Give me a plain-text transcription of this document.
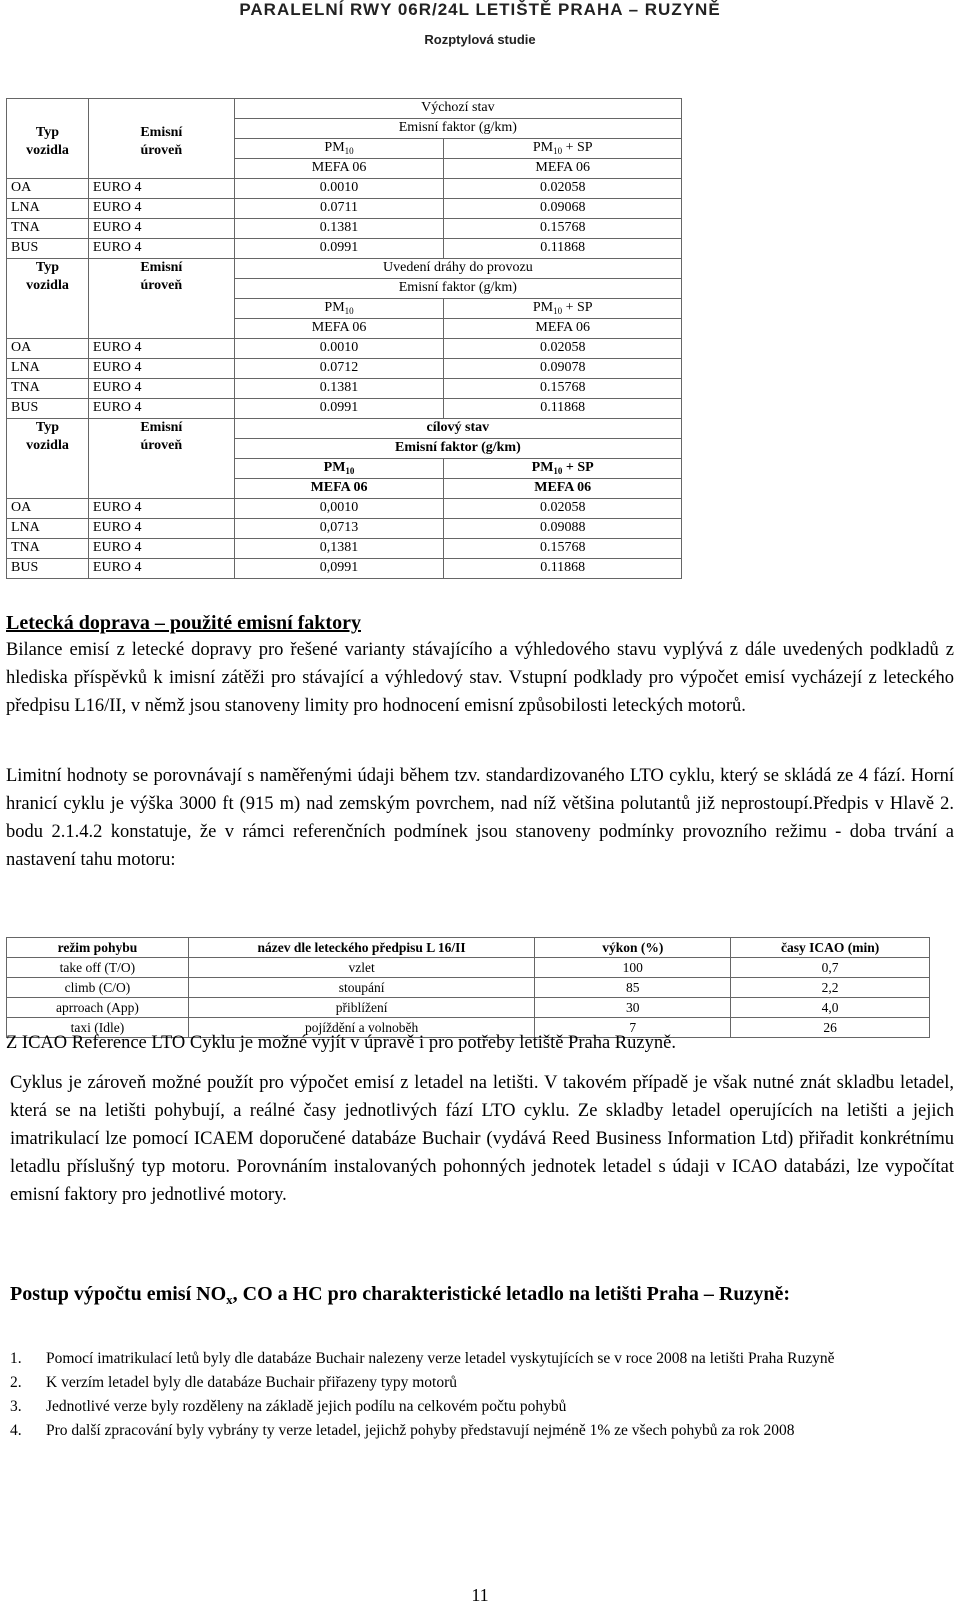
PARALELNÍ RWY 06R/24L LETIŠTĚ PRAHA – RUZYNĚ
Rozptylová studie
Typ
vozidla	Emisní
úroveň	Výchozí stav	
		Emisní faktor (g/km)	
		$PM_{10}$	$PM_{10}$ + SP
		MEFA 06	MEFA 06
OA	EURO 4	0.0010	0.02058
LNA	EURO 4	0.0711	0.09068
TNA	EURO 4	0.1381	0.15768
BUS	EURO 4	0.0991	0.11868
Typ
vozidla	Emisní
úroveň	Uvedení dráhy do provozu	
		Emisní faktor (g/km)	
		$PM_{10}$	$PM_{10}$ + SP
		MEFA 06	MEFA 06
OA	EURO 4	0.0010	0.02058
LNA	EURO 4	0.0712	0.09078
TNA	EURO 4	0.1381	0.15768
BUS	EURO 4	0.0991	0.11868
Typ
vozidla	Emisní
úroveň	cílový stav	
		Emisní faktor (g/km)	
		$PM_{10}$	$PM_{10}$ + SP
		MEFA 06	MEFA 06
OA	EURO 4	0,0010	0.02058
LNA	EURO 4	0,0713	0.09088
TNA	EURO 4	0,1381	0.15768
BUS	EURO 4	0,0991	0.11868
Letecká doprava – použité emisní faktory

Bilance emisí z letecké dopravy pro řešené varianty stávajícího a výhledového stavu vyplývá z dále uvedených podkladů z hlediska příspěvků k imisní zátěži pro stávající a výhledový stav. Vstupní podklady pro výpočet emisí vycházejí z leteckého předpisu L16/II, v němž jsou stanoveny limity pro hodnocení emisní způsobilosti leteckých motorů.

Limitní hodnoty se porovnávají s naměřenými údaji během tzv. standardizovaného LTO cyklu, který se skládá ze 4 fází. Horní hranicí cyklu je výška 3000 ft (915 m) nad zemským povrchem, nad níž většina polutantů již neprostoupí.Předpis v Hlavě 2. bodu 2.1.4.2 konstatuje, že v rámci referenčních podmínek jsou stanoveny podmínky provozního režimu - doba trvání a nastavení tahu motoru:

režim pohybu	název dle leteckého předpisu L 16/II	výkon (%)	časy ICAO (min)
take off (T/O)	vzlet	100	0,7
climb (C/O)	stoupání	85	2,2
aprroach (App)	přiblížení	30	4,0
taxi (Idle)	pojíždění a volnoběh	7	26

Z ICAO Reference LTO Cyklu je možné vyjít v úpravě i pro potřeby letiště Praha Ruzyně.

Cyklus je zároveň možné použít pro výpočet emisí z letadel na letišti. V takovém případě je však nutné znát skladbu letadel, která se na letišti pohybují, a reálné časy jednotlivých fází LTO cyklu. Ze skladby letadel operujících na letišti a jejich imatrikulací lze pomocí ICAEM doporučené databáze Buchair (vydává Reed Business Information Ltd) přiřadit konkrétnímu letadlu příslušný typ motoru. Porovnáním instalovaných pohonných jednotek letadel s údaji v ICAO databázi, lze vypočítat emisní faktory pro jednotlivé motory.

Postup výpočtu emisí $NO_x$, CO a HC pro charakteristické letadlo na letišti Praha – Ruzyně:

1. Pomocí imatrikulací letů byly dle databáze Buchair nalezeny verze letadel vyskytujících se v roce 2008 na letišti Praha Ruzyně
2. K verzím letadel byly dle databáze Buchair přiřazeny typy motorů
3. Jednotlivé verze byly rozděleny na základě jejich podílu na celkovém počtu pohybů
4. Pro další zpracování byly vybrány ty verze letadel, jejichž pohyby představují nejméně 1% ze všech pohybů za rok 2008
11
